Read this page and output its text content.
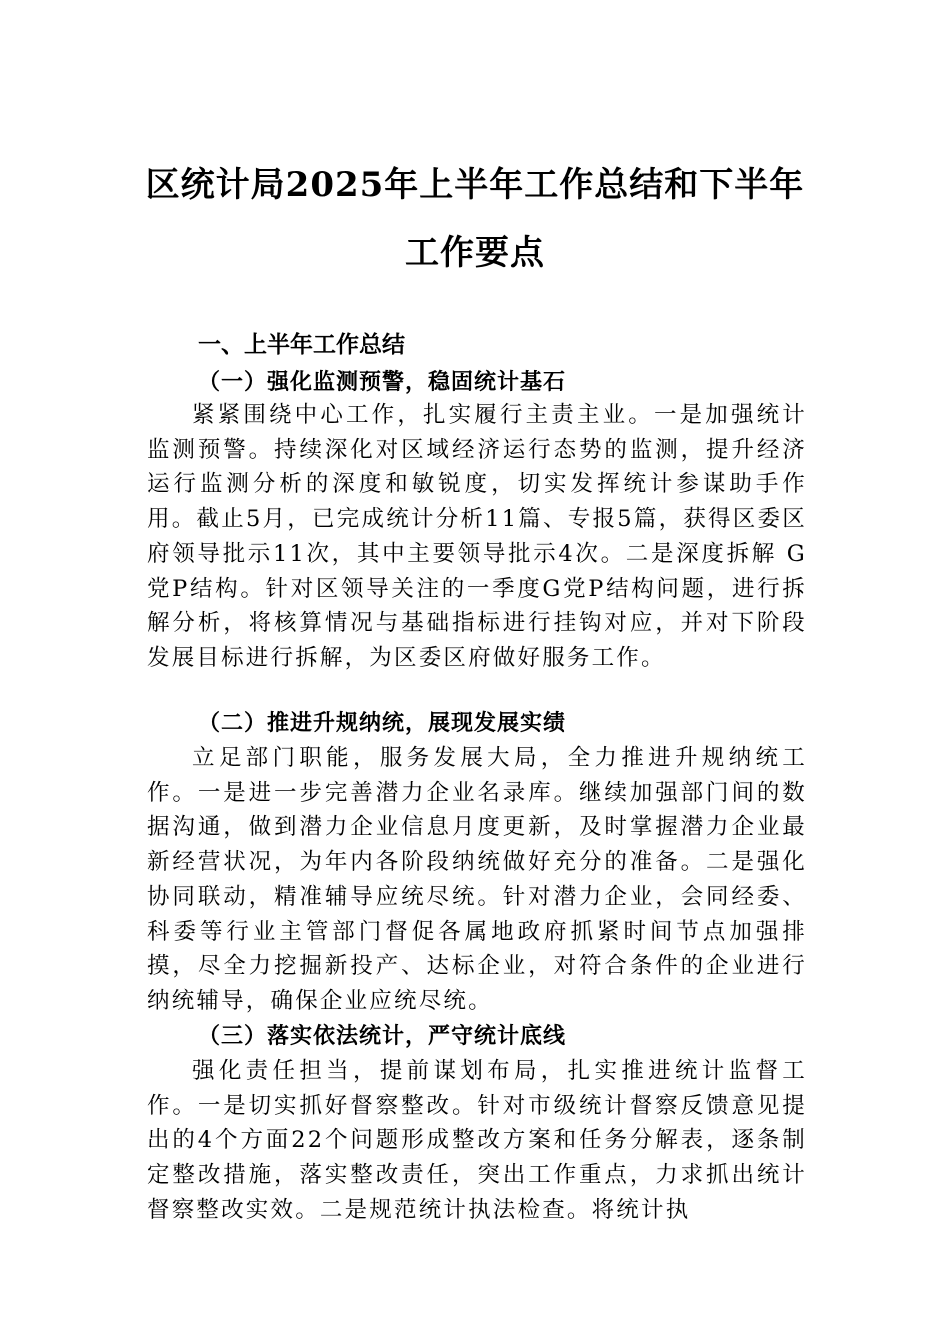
区统计局2025年上半年工作总结和下半年
工作要点
一、上半年工作总结
（一）强化监测预警，稳固统计基石

紧紧围绕中心工作，扎实履行主责主业。一是加强统计监测预警。持续深化对区域经济运行态势的监测，提升经济运行监测分析的深度和敏锐度，切实发挥统计参谋助手作用。截止5月，已完成统计分析11篇、专报5篇，获得区委区府领导批示11次，其中主要领导批示4次。二是深度拆解 G党P结构。针对区领导关注的一季度G党P结构问题，进行拆解分析，将核算情况与基础指标进行挂钩对应，并对下阶段发展目标进行拆解，为区委区府做好服务工作。

（二）推进升规纳统，展现发展实绩

立足部门职能，服务发展大局，全力推进升规纳统工作。一是进一步完善潜力企业名录库。继续加强部门间的数据沟通，做到潜力企业信息月度更新，及时掌握潜力企业最新经营状况，为年内各阶段纳统做好充分的准备。二是强化协同联动，精准辅导应统尽统。针对潜力企业，会同经委、科委等行业主管部门督促各属地政府抓紧时间节点加强排摸，尽全力挖掘新投产、达标企业，对符合条件的企业进行纳统辅导，确保企业应统尽统。

（三）落实依法统计，严守统计底线

强化责任担当，提前谋划布局，扎实推进统计监督工作。一是切实抓好督察整改。针对市级统计督察反馈意见提出的4个方面22个问题形成整改方案和任务分解表，逐条制定整改措施，落实整改责任，突出工作重点，力求抓出统计督察整改实效。二是规范统计执法检查。将统计执
